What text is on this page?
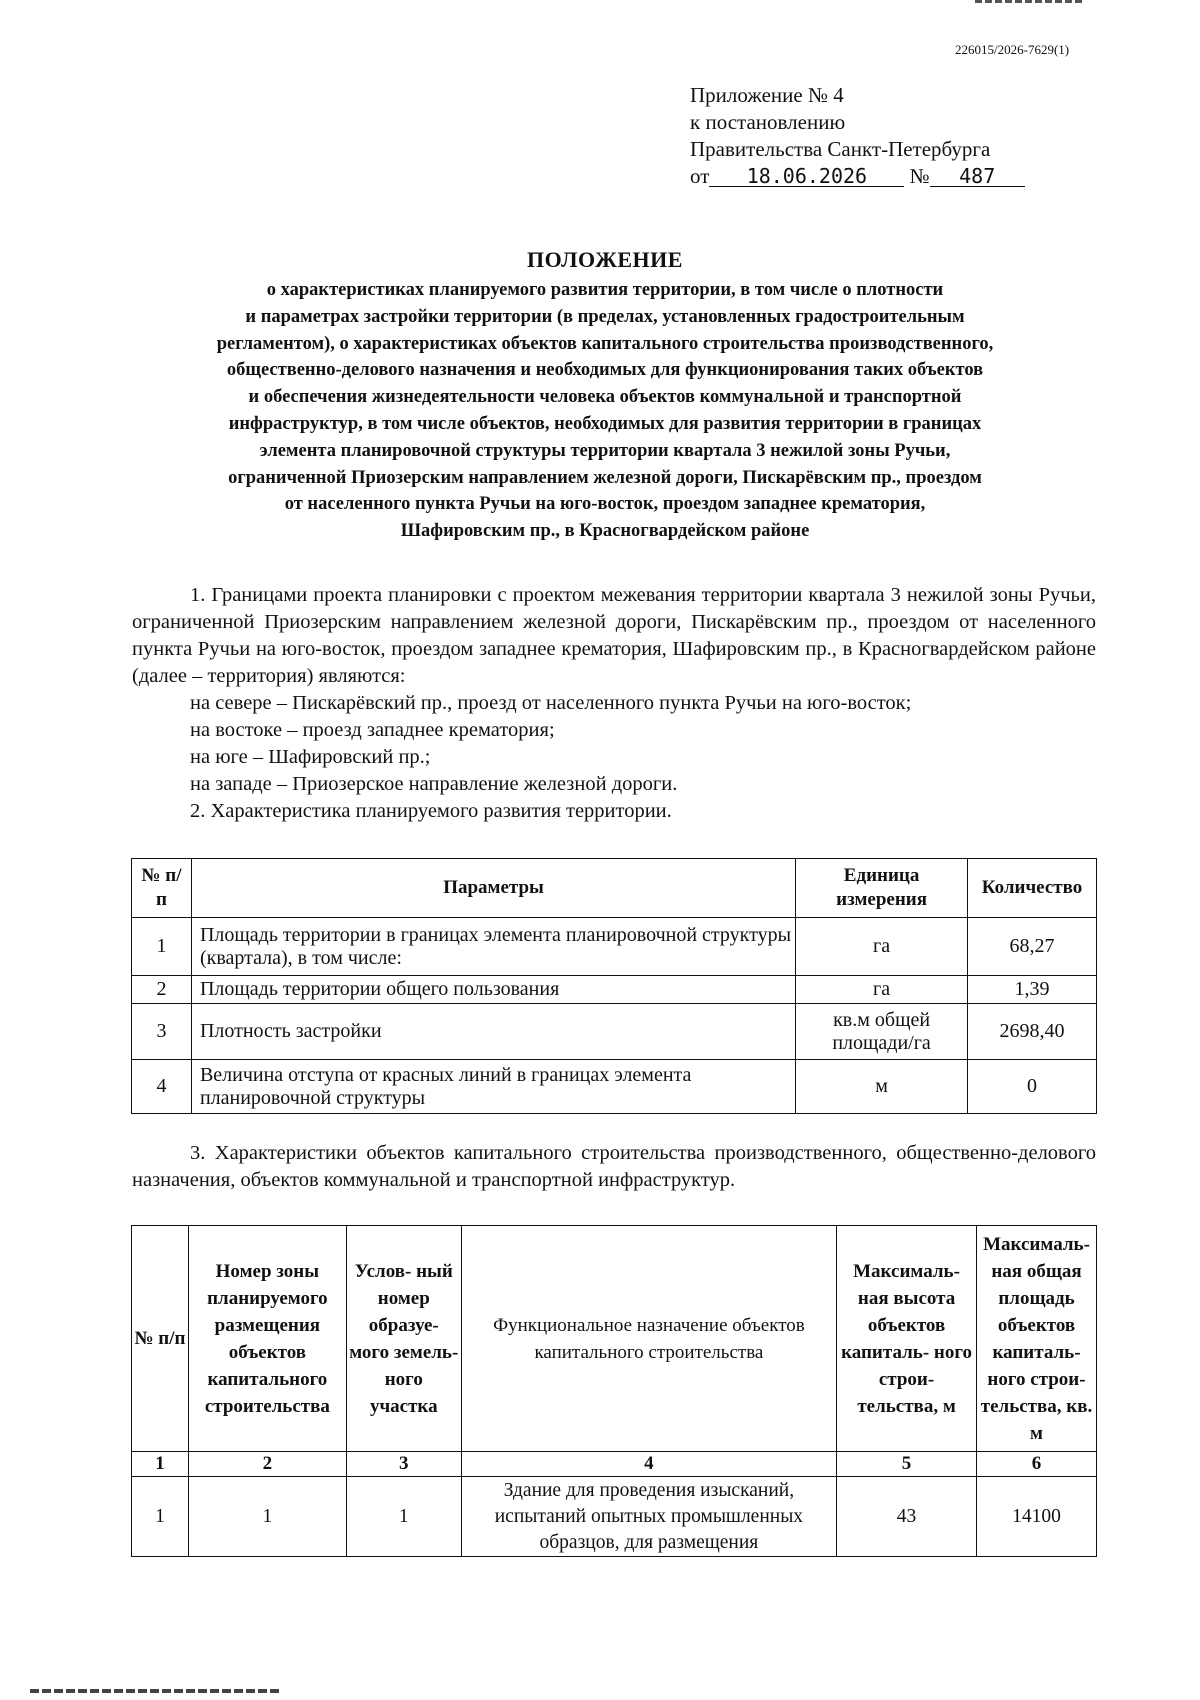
226015/2026-7629(1)
Приложение № 4
к постановлению
Правительства Санкт-Петербурга
от 18.06.2026 № 487
ПОЛОЖЕНИЕ
о характеристиках планируемого развития территории, в том числе о плотности
и параметрах застройки территории (в пределах, установленных градостроительным
регламентом), о характеристиках объектов капитального строительства производственного,
общественно-делового назначения и необходимых для функционирования таких объектов
и обеспечения жизнедеятельности человека объектов коммунальной и транспортной
инфраструктур, в том числе объектов, необходимых для развития территории в границах
элемента планировочной структуры территории квартала 3 нежилой зоны Ручьи,
ограниченной Приозерским направлением железной дороги, Пискарёвским пр., проездом
от населенного пункта Ручьи на юго-восток, проездом западнее крематория,
Шафировским пр., в Красногвардейском районе

1. Границами проекта планировки с проектом межевания территории квартала 3 нежилой зоны Ручьи, ограниченной Приозерским направлением железной дороги, Пискарёвским пр., проездом от населенного пункта Ручьи на юго-восток, проездом западнее крематория, Шафировским пр., в Красногвардейском районе (далее – территория) являются:

на севере – Пискарёвский пр., проезд от населенного пункта Ручьи на юго-восток;
на востоке – проезд западнее крематория;
на юге – Шафировский пр.;
на западе – Приозерское направление железной дороги.
2. Характеристика планируемого развития территории.
№ п/п	Параметры	Единица измерения	Количество
1	Площадь территории в границах элемента планировочной структуры (квартала), в том числе:	га	68,27
2	Площадь территории общего пользования	га	1,39
3	Плотность застройки	кв.м общей площади/га	2698,40
4	Величина отступа от красных линий в границах элемента планировочной структуры	м	0

3. Характеристики объектов капитального строительства производственного, общественно-делового назначения, объектов коммунальной и транспортной инфраструктур.

№ п/п	Номер зоны планируемого размещения объектов капитального строительства	Услов- ный номер образуе- мого земель- ного участка	Функциональное назначение объектов капитального строительства	Максималь- ная высота объектов капиталь- ного строи- тельства, м	Максималь- ная общая площадь объектов капиталь- ного строи- тельства, кв. м
1	2	3	4	5	6
1	1	1	Здание для проведения изысканий, испытаний опытных промышленных образцов, для размещения	43	14100
